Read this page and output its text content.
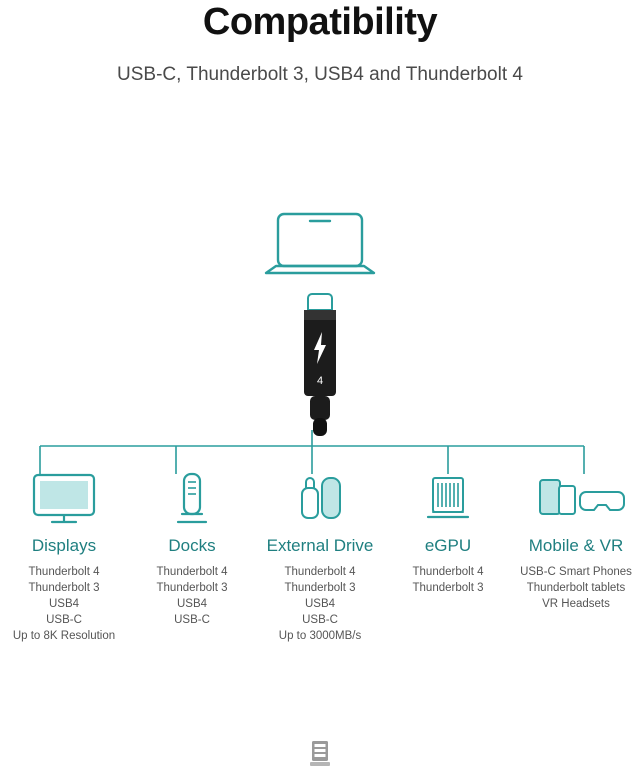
Compatibility

USB-C, Thunderbolt 3, USB4 and Thunderbolt 4

4
Displays
Thunderbolt 4
Thunderbolt 3
USB4
USB-C
Up to 8K Resolution
Docks
Thunderbolt 4
Thunderbolt 3
USB4
USB-C
External Drive
Thunderbolt 4
Thunderbolt 3
USB4
USB-C
Up to 3000MB/s
eGPU
Thunderbolt 4
Thunderbolt 3
Mobile & VR
USB-C Smart Phones
Thunderbolt tablets
VR Headsets
